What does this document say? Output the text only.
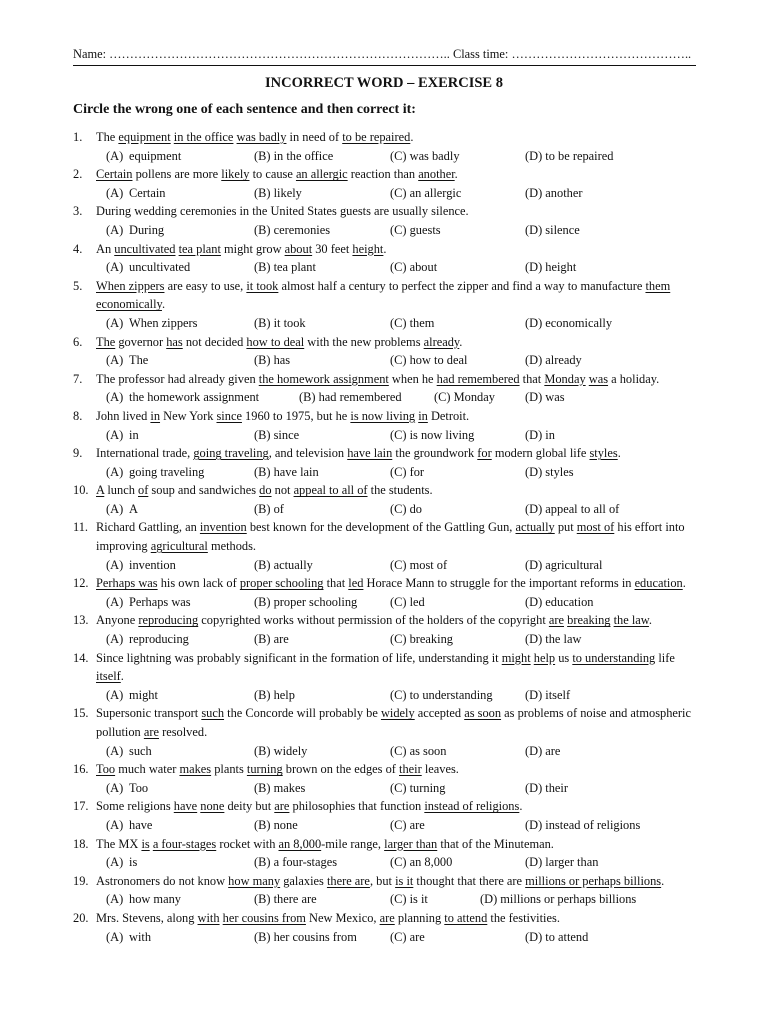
Name: ……………………………………………………………………….. Class time: ……………………………………..
INCORRECT WORD – EXERCISE 8
Circle the wrong one of each sentence and then correct it:
1. The equipment in the office was badly in need of to be repaired.
(A) equipment	(B) in the office	(C) was badly	(D) to be repaired
2. Certain pollens are more likely to cause an allergic reaction than another.
(A) Certain	(B) likely	(C) an allergic	(D) another
3. During wedding ceremonies in the United States guests are usually silence.
(A) During	(B) ceremonies	(C) guests	(D) silence
4. An uncultivated tea plant might grow about 30 feet height.
(A) uncultivated	(B) tea plant	(C) about	(D) height
5. When zippers are easy to use, it took almost half a century to perfect the zipper and find a way to manufacture them economically.
(A) When zippers	(B) it took	(C) them	(D) economically
6. The governor has not decided how to deal with the new problems already.
(A) The	(B) has	(C) how to deal	(D) already
7. The professor had already given the homework assignment when he had remembered that Monday was a holiday.
(A) the homework assignment	(B) had remembered	(C) Monday (D) was
8. John lived in New York since 1960 to 1975, but he is now living in Detroit.
(A) in	(B) since	(C) is now living	(D) in
9. International trade, going traveling, and television have lain the groundwork for modern global life styles.
(A) going traveling	(B) have lain	(C) for	(D) styles
10. A lunch of soup and sandwiches do not appeal to all of the students.
(A) A	(B) of	(C) do	(D) appeal to all of
11. Richard Gattling, an invention best known for the development of the Gattling Gun, actually put most of his effort into improving agricultural methods.
(A) invention	(B) actually	(C) most of	(D) agricultural
12. Perhaps was his own lack of proper schooling that led Horace Mann to struggle for the important reforms in education.
(A) Perhaps was	(B) proper schooling	(C) led	(D) education
13. Anyone reproducing copyrighted works without permission of the holders of the copyright are breaking the law.
(A) reproducing	(B) are	(C) breaking	(D) the law
14. Since lightning was probably significant in the formation of life, understanding it might help us to understanding life itself.
(A) might	(B) help	(C) to understanding	(D) itself
15. Supersonic transport such the Concorde will probably be widely accepted as soon as problems of noise and atmospheric pollution are resolved.
(A) such	(B) widely	(C) as soon	(D) are
16. Too much water makes plants turning brown on the edges of their leaves.
(A) Too	(B) makes	(C) turning	(D) their
17. Some religions have none deity but are philosophies that function instead of religions.
(A) have	(B) none	(C) are	(D) instead of religions
18. The MX is a four-stages rocket with an 8,000-mile range, larger than that of the Minuteman.
(A) is	(B) a four-stages	(C) an 8,000	(D) larger than
19. Astronomers do not know how many galaxies there are, but is it thought that there are millions or perhaps billions.
(A) how many	(B) there are	(C) is it	(D) millions or perhaps billions
20. Mrs. Stevens, along with her cousins from New Mexico, are planning to attend the festivities.
(A) with	(B) her cousins from	(C) are	(D) to attend
